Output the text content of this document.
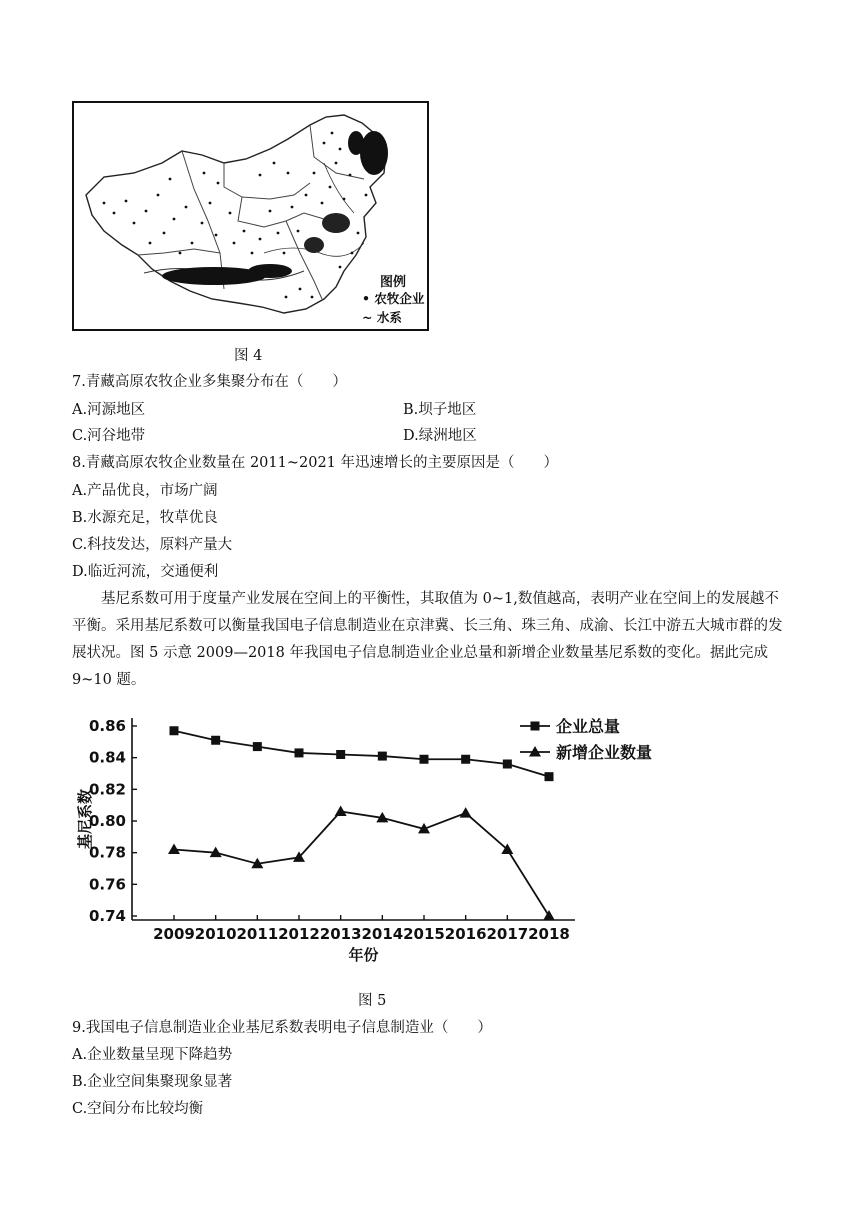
图例
• 农牧企业
~ 水系
图 4
7.青藏高原农牧企业多集聚分布在（　　）
A.河源地区	B.坝子地区
C.河谷地带	D.绿洲地区
8.青藏高原农牧企业数量在 2011~2021 年迅速增长的主要原因是（　　）
A.产品优良，市场广阔
B.水源充足，牧草优良
C.科技发达，原料产量大
D.临近河流，交通便利
基尼系数可用于度量产业发展在空间上的平衡性，其取值为 0~1,数值越高，表明产业在空间上的发展越不平衡。采用基尼系数可以衡量我国电子信息制造业在京津冀、长三角、珠三角、成渝、长江中游五大城市群的发展状况。图 5 示意 2009—2018 年我国电子信息制造业企业总量和新增企业数量基尼系数的变化。据此完成 9~10 题。
0.86
0.84
0.82
0.80
0.78
0.76
0.74
2009 2010 2011 2012 2013 2014 2015 2016 2017 2018
年份
基尼系数
企业总量
新增企业数量
图 5
9.我国电子信息制造业企业基尼系数表明电子信息制造业（　　）
A.企业数量呈现下降趋势
B.企业空间集聚现象显著
C.空间分布比较均衡
